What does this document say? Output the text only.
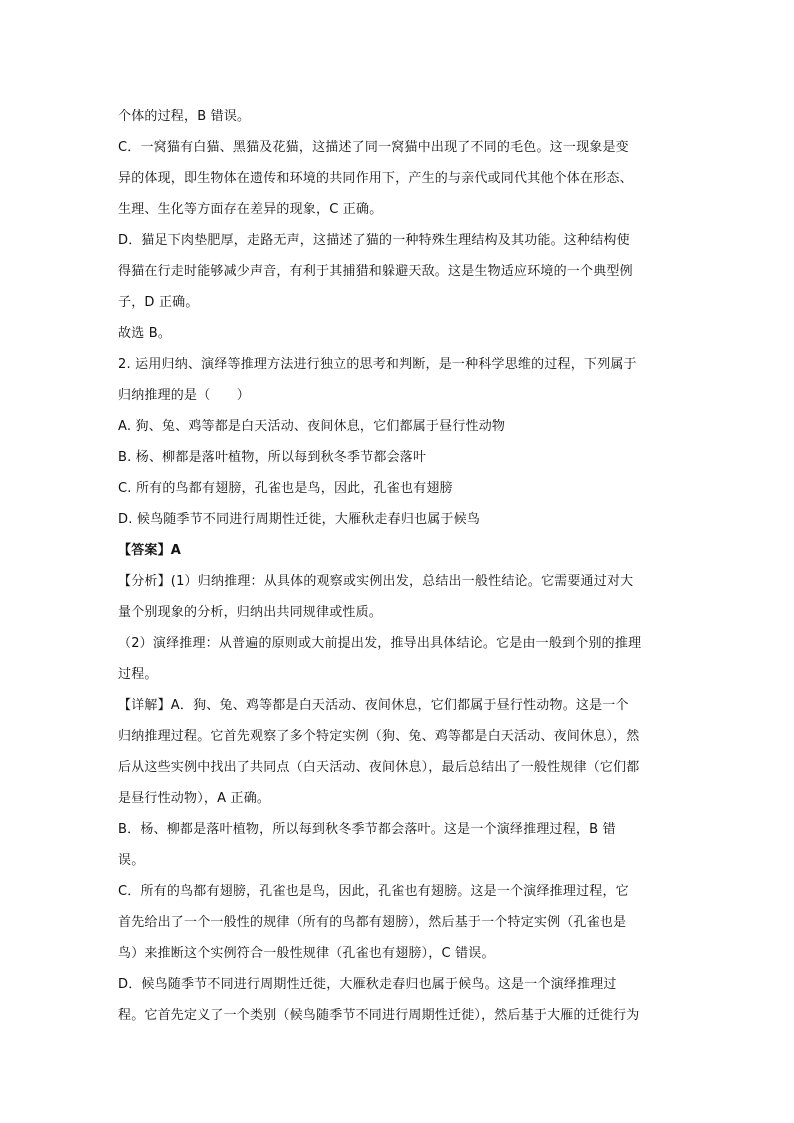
个体的过程，B 错误。
C．一窝猫有白猫、黑猫及花猫，这描述了同一窝猫中出现了不同的毛色。这一现象是变
异的体现，即生物体在遗传和环境的共同作用下，产生的与亲代或同代其他个体在形态、
生理、生化等方面存在差异的现象，C 正确。
D．猫足下肉垫肥厚，走路无声，这描述了猫的一种特殊生理结构及其功能。这种结构使
得猫在行走时能够减少声音，有利于其捕猎和躲避天敌。这是生物适应环境的一个典型例
子，D 正确。
故选 B。
2. 运用归纳、演绎等推理方法进行独立的思考和判断，是一种科学思维的过程，下列属于
归纳推理的是（　　）
A. 狗、兔、鸡等都是白天活动、夜间休息，它们都属于昼行性动物
B. 杨、柳都是落叶植物，所以每到秋冬季节都会落叶
C. 所有的鸟都有翅膀，孔雀也是鸟，因此，孔雀也有翅膀
D. 候鸟随季节不同进行周期性迁徙，大雁秋走春归也属于候鸟
【答案】A
【分析】(1）归纳推理：从具体的观察或实例出发，总结出一般性结论。它需要通过对大
量个别现象的分析，归纳出共同规律或性质。
（2）演绎推理：从普遍的原则或大前提出发，推导出具体结论。它是由一般到个别的推理
过程。
【详解】A．狗、兔、鸡等都是白天活动、夜间休息，它们都属于昼行性动物。这是一个
归纳推理过程。它首先观察了多个特定实例（狗、兔、鸡等都是白天活动、夜间休息），然
后从这些实例中找出了共同点（白天活动、夜间休息），最后总结出了一般性规律（它们都
是昼行性动物），A 正确。
B．杨、柳都是落叶植物，所以每到秋冬季节都会落叶。这是一个演绎推理过程，B 错
误。
C．所有的鸟都有翅膀，孔雀也是鸟，因此，孔雀也有翅膀。这是一个演绎推理过程，它
首先给出了一个一般性的规律（所有的鸟都有翅膀），然后基于一个特定实例（孔雀也是
鸟）来推断这个实例符合一般性规律（孔雀也有翅膀），C 错误。
D．候鸟随季节不同进行周期性迁徙，大雁秋走春归也属于候鸟。这是一个演绎推理过
程。它首先定义了一个类别（候鸟随季节不同进行周期性迁徙），然后基于大雁的迁徙行为
